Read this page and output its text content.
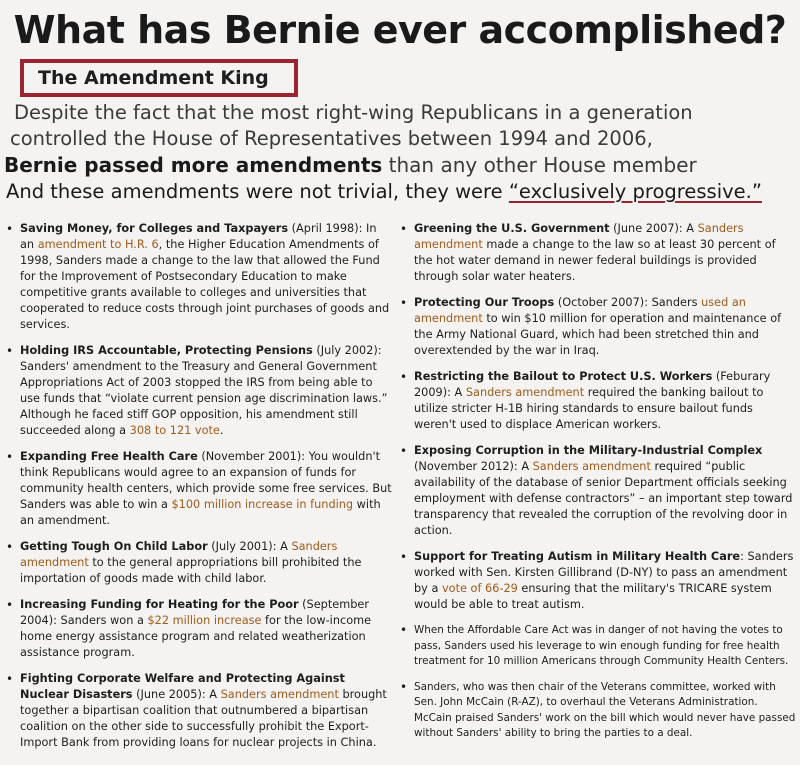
What has Bernie ever accomplished?
The Amendment King
Despite the fact that the most right-wing Republicans in a generation
controlled the House of Representatives between 1994 and 2006,
Bernie passed more amendments than any other House member
And these amendments were not trivial, they were “exclusively progressive.”
• Saving Money, for Colleges and Taxpayers (April 1998): In an amendment to H.R. 6, the Higher Education Amendments of 1998, Sanders made a change to the law that allowed the Fund for the Improvement of Postsecondary Education to make competitive grants available to colleges and universities that cooperated to reduce costs through joint purchases of goods and services.
• Holding IRS Accountable, Protecting Pensions (July 2002): Sanders' amendment to the Treasury and General Government Appropriations Act of 2003 stopped the IRS from being able to use funds that “violate current pension age discrimination laws.” Although he faced stiff GOP opposition, his amendment still succeeded along a 308 to 121 vote.
• Expanding Free Health Care (November 2001): You wouldn't think Republicans would agree to an expansion of funds for community health centers, which provide some free services. But Sanders was able to win a $100 million increase in funding with an amendment.
• Getting Tough On Child Labor (July 2001): A Sanders amendment to the general appropriations bill prohibited the importation of goods made with child labor.
• Increasing Funding for Heating for the Poor (September 2004): Sanders won a $22 million increase for the low-income home energy assistance program and related weatherization assistance program.
• Fighting Corporate Welfare and Protecting Against Nuclear Disasters (June 2005): A Sanders amendment brought together a bipartisan coalition that outnumbered a bipartisan coalition on the other side to successfully prohibit the Export-Import Bank from providing loans for nuclear projects in China.
• Greening the U.S. Government (June 2007): A Sanders amendment made a change to the law so at least 30 percent of the hot water demand in newer federal buildings is provided through solar water heaters.
• Protecting Our Troops (October 2007): Sanders used an amendment to win $10 million for operation and maintenance of the Army National Guard, which had been stretched thin and overextended by the war in Iraq.
• Restricting the Bailout to Protect U.S. Workers (Feburary 2009): A Sanders amendment required the banking bailout to utilize stricter H-1B hiring standards to ensure bailout funds weren't used to displace American workers.
• Exposing Corruption in the Military-Industrial Complex (November 2012): A Sanders amendment required “public availability of the database of senior Department officials seeking employment with defense contractors” – an important step toward transparency that revealed the corruption of the revolving door in action.
• Support for Treating Autism in Military Health Care: Sanders worked with Sen. Kirsten Gillibrand (D-NY) to pass an amendment by a vote of 66-29 ensuring that the military's TRICARE system would be able to treat autism.
• When the Affordable Care Act was in danger of not having the votes to pass, Sanders used his leverage to win enough funding for free health treatment for 10 million Americans through Community Health Centers.
• Sanders, who was then chair of the Veterans committee, worked with Sen. John McCain (R-AZ), to overhaul the Veterans Administration. McCain praised Sanders' work on the bill which would never have passed without Sanders' ability to bring the parties to a deal.
